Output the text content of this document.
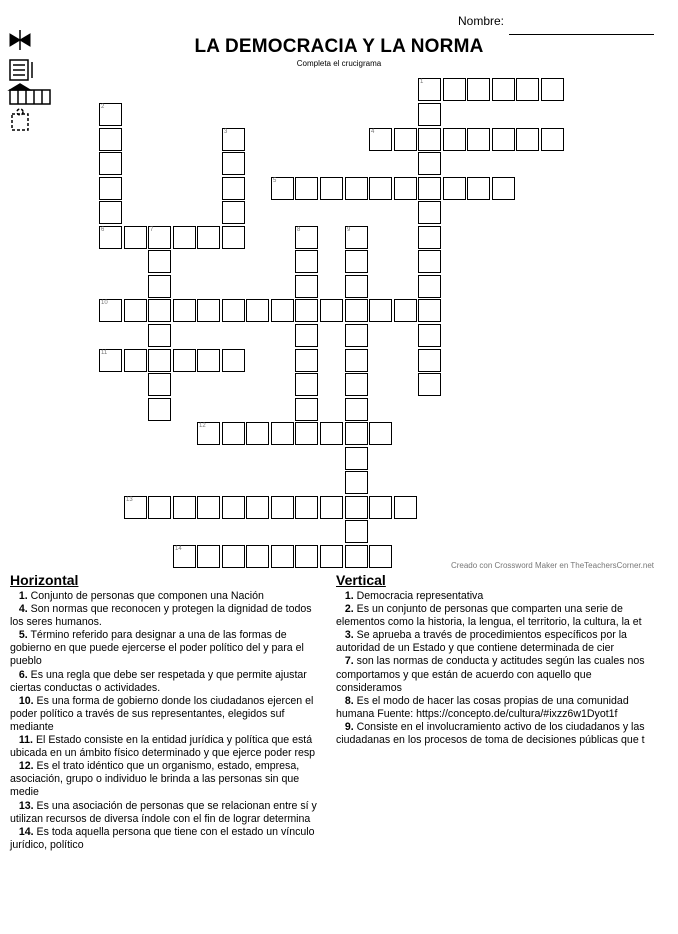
Nombre:
LA DEMOCRACIA Y LA NORMA
Completa el crucigrama
1
2
6
3	4
5
7	8	9
10
11
12
13
14
Creado con Crossword Maker en TheTeachersCorner.net
Horizontal	Vertical

1. Conjunto de personas que componen una Nación

4. Son normas que reconocen y protegen la dignidad de todos los seres humanos.

5. Término referido para designar a una de las formas de gobierno en que puede ejercerse el poder político del y para el pueblo

6. Es una regla que debe ser respetada y que permite ajustar ciertas conductas o actividades.

10. Es una forma de gobierno donde los ciudadanos ejercen el poder político a través de sus representantes, elegidos suf mediante

11. El Estado consiste en la entidad jurídica y política que está ubicada en un ámbito físico determinado y que ejerce poder resp

12. Es el trato idéntico que un organismo, estado, empresa, asociación, grupo o individuo le brinda a las personas sin que medie

13. Es una asociación de personas que se relacionan entre sí y utilizan recursos de diversa índole con el fin de lograr determina

14. Es toda aquella persona que tiene con el estado un vínculo jurídico, político

1. Democracia representativa

2. Es un conjunto de personas que comparten una serie de elementos como la historia, la lengua, el territorio, la cultura, la et

3. Se aprueba a través de procedimientos específicos por la autoridad de un Estado y que contiene determinada de cier

7. son las normas de conducta y actitudes según las cuales nos comportamos y que están de acuerdo con aquello que consideramos

8. Es el modo de hacer las cosas propias de una comunidad humana Fuente: https://concepto.de/cultura/#ixzz6w1Dyot1f

9. Consiste en el involucramiento activo de los ciudadanos y las ciudadanas en los procesos de toma de decisiones públicas que t
